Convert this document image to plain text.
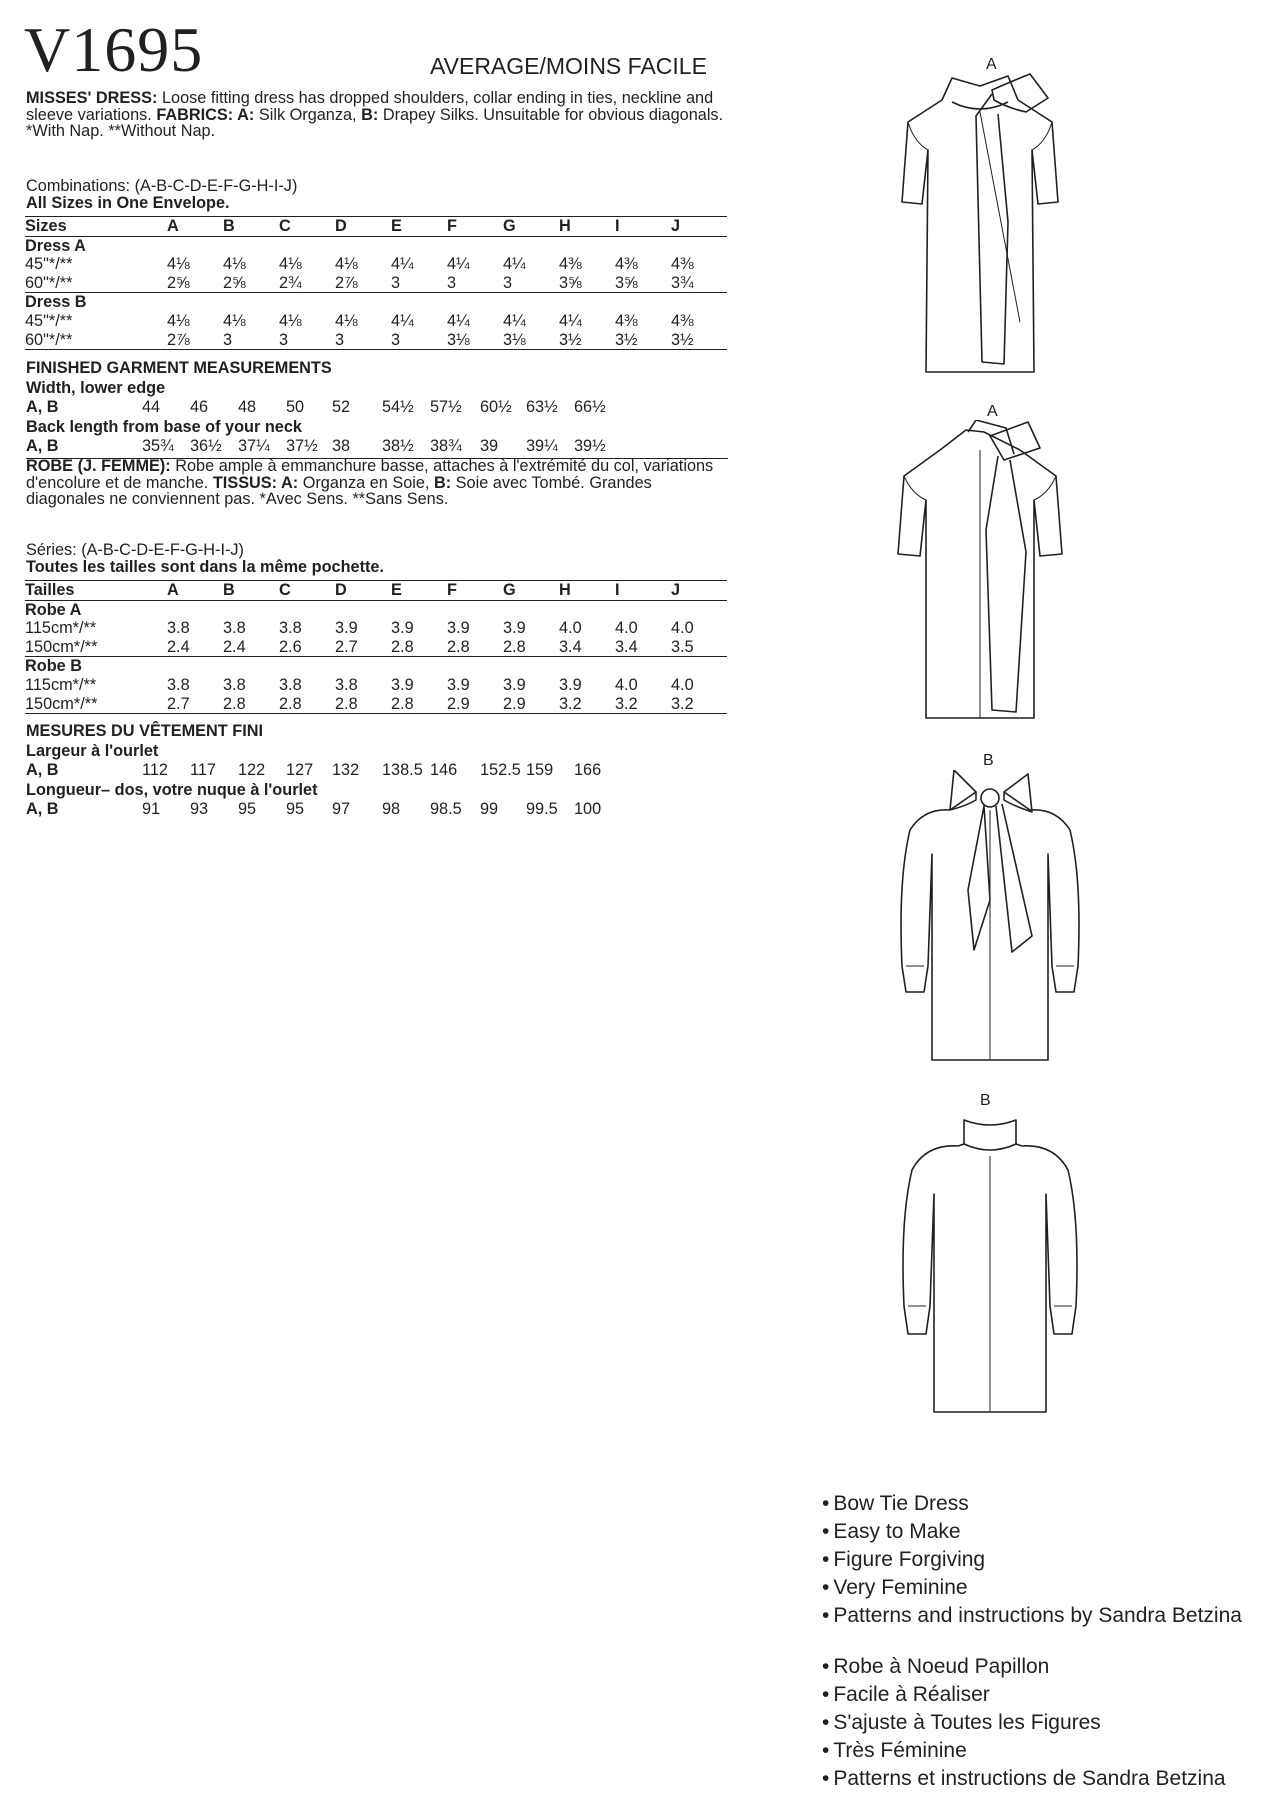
V1695	AVERAGE/MOINS FACILE
MISSES' DRESS: Loose fitting dress has dropped shoulders, collar ending in ties, neckline and sleeve variations. FABRICS: A: Silk Organza, B: Drapey Silks. Unsuitable for obvious diagonals. *With Nap. **Without Nap.
Combinations: (A-B-C-D-E-F-G-H-I-J)
All Sizes in One Envelope.
Sizes	A	B	C	D	E	F	G	H	I	J
Dress A										
45"*/**	4⅛	4⅛	4⅛	4⅛	4¼	4¼	4¼	4⅜	4⅜	4⅜
60"*/**	2⅝	2⅝	2¾	2⅞	3	3	3	3⅝	3⅝	3¾
Dress B										
45"*/**	4⅛	4⅛	4⅛	4⅛	4¼	4¼	4¼	4¼	4⅜	4⅜
60"*/**	2⅞	3	3	3	3	3⅛	3⅛	3½	3½	3½
FINISHED GARMENT MEASUREMENTS
Width, lower edge
A, B	44 46 48 50 52 54½ 57½ 60½ 63½ 66½
Back length from base of your neck
A, B	35¾ 36½ 37¼ 37½ 38 38½ 38¾ 39 39¼ 39½
ROBE (J. FEMME): Robe ample à emmanchure basse, attaches à l'extrémité du col, variations d'encolure et de manche. TISSUS: A: Organza en Soie, B: Soie avec Tombé. Grandes diagonales ne conviennent pas. *Avec Sens. **Sans Sens.
Séries: (A-B-C-D-E-F-G-H-I-J)
Toutes les tailles sont dans la même pochette.
Tailles	A	B	C	D	E	F	G	H	I	J
Robe A										
115cm*/**	3.8	3.8	3.8	3.9	3.9	3.9	3.9	4.0	4.0	4.0
150cm*/**	2.4	2.4	2.6	2.7	2.8	2.8	2.8	3.4	3.4	3.5
Robe B										
115cm*/**	3.8	3.8	3.8	3.8	3.9	3.9	3.9	3.9	4.0	4.0
150cm*/**	2.7	2.8	2.8	2.8	2.8	2.9	2.9	3.2	3.2	3.2
MESURES DU VÊTEMENT FINI
Largeur à l'ourlet
A, B	112 117 122 127 132 138.5 146 152.5 159 166
Longueur– dos, votre nuque à l'ourlet
A, B	91 93 95 95 97 98 98.5 99 99.5 100
A
A
B
B
• Bow Tie Dress
• Easy to Make
• Figure Forgiving
• Very Feminine
• Patterns and instructions by Sandra Betzina
• Robe à Noeud Papillon
• Facile à Réaliser
• S'ajuste à Toutes les Figures
• Très Féminine
• Patterns et instructions de Sandra Betzina
